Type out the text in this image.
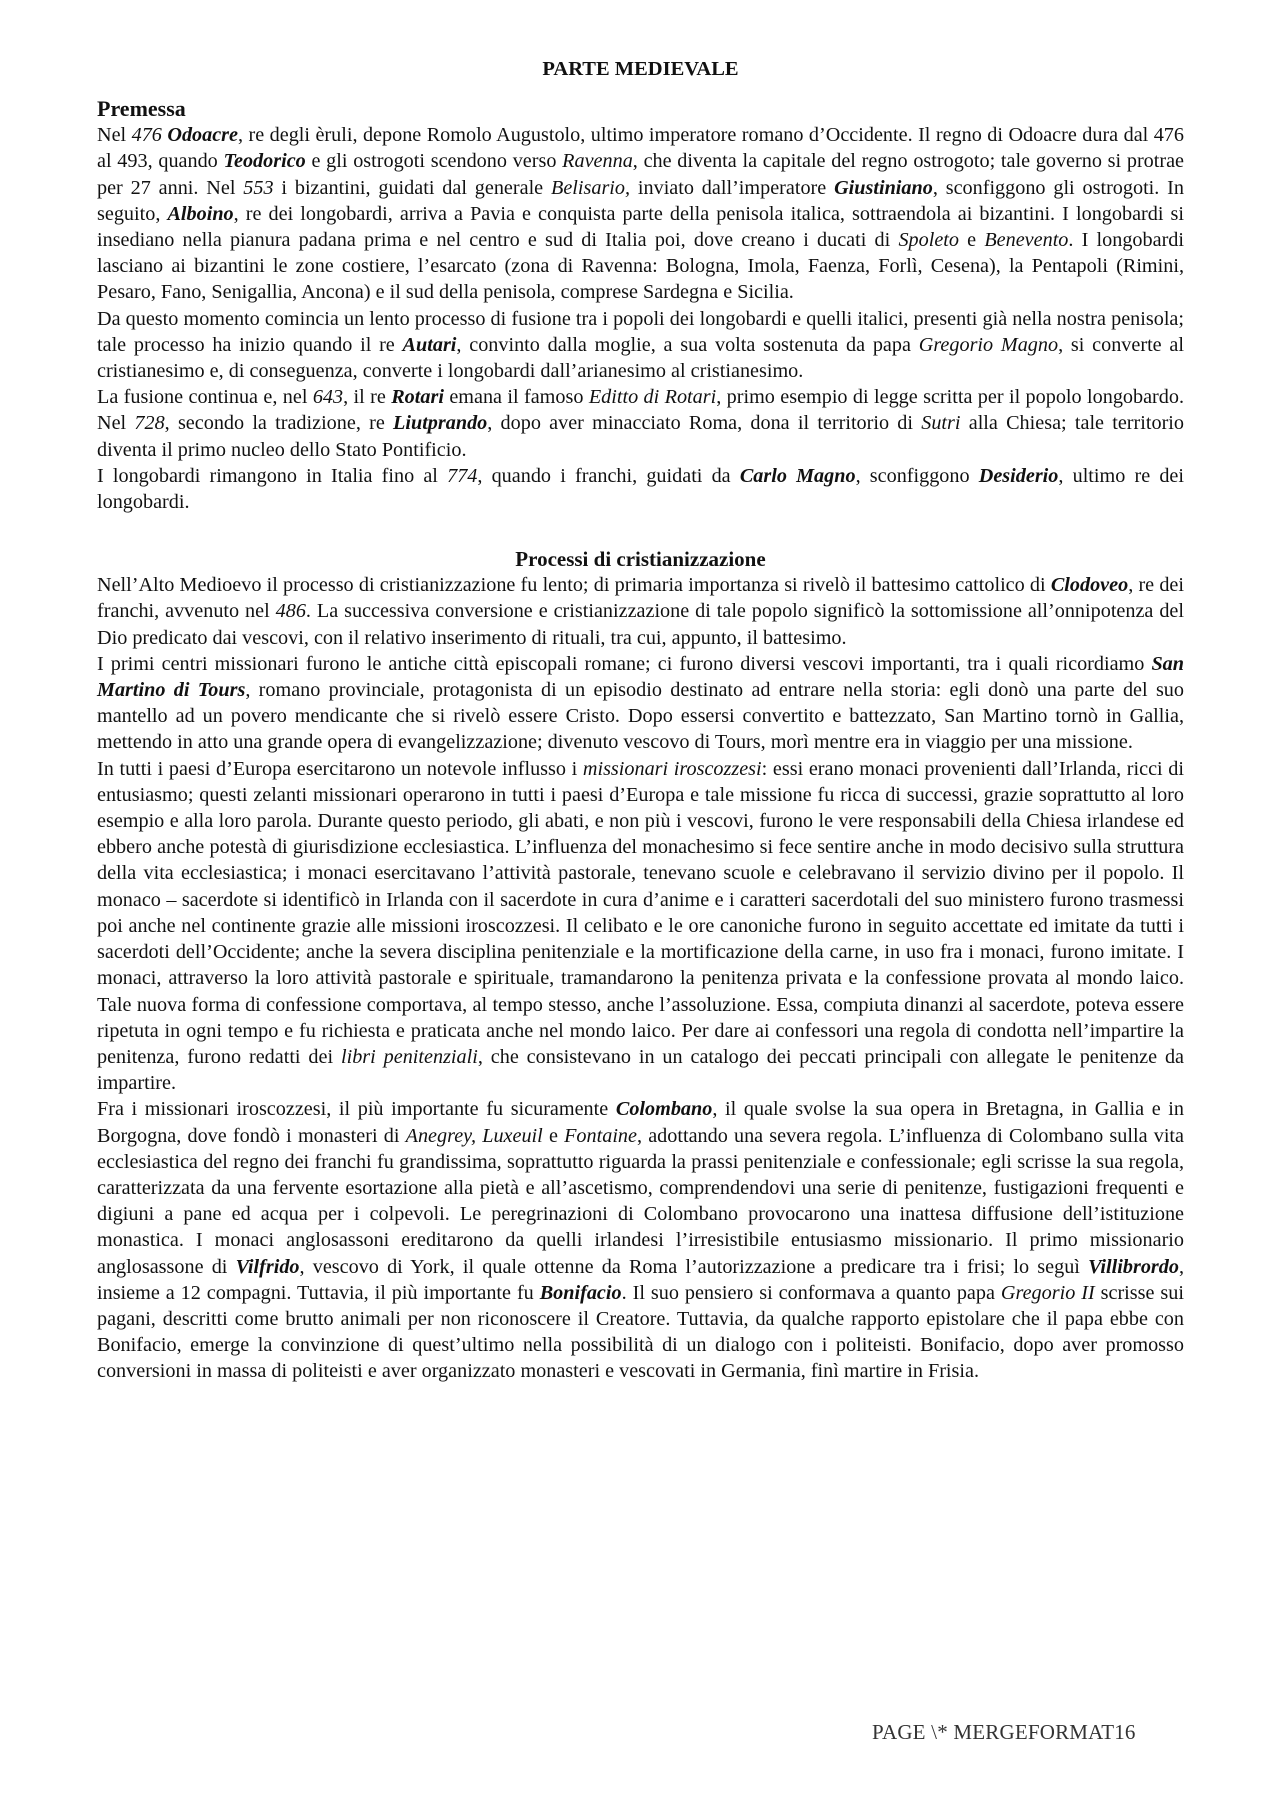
PARTE MEDIEVALE
Premessa

Nel 476 Odoacre, re degli èruli, depone Romolo Augustolo, ultimo imperatore romano d’Occidente. Il regno di Odoacre dura dal 476 al 493, quando Teodorico e gli ostrogoti scendono verso Ravenna, che diventa la capitale del regno ostrogoto; tale governo si protrae per 27 anni. Nel 553 i bizantini, guidati dal generale Belisario, inviato dall’imperatore Giustiniano, sconfiggono gli ostrogoti. In seguito, Alboino, re dei longobardi, arriva a Pavia e conquista parte della penisola italica, sottraendola ai bizantini. I longobardi si insediano nella pianura padana prima e nel centro e sud di Italia poi, dove creano i ducati di Spoleto e Benevento. I longobardi lasciano ai bizantini le zone costiere, l’esarcato (zona di Ravenna: Bologna, Imola, Faenza, Forlì, Cesena), la Pentapoli (Rimini, Pesaro, Fano, Senigallia, Ancona) e il sud della penisola, comprese Sardegna e Sicilia.

Da questo momento comincia un lento processo di fusione tra i popoli dei longobardi e quelli italici, presenti già nella nostra penisola; tale processo ha inizio quando il re Autari, convinto dalla moglie, a sua volta sostenuta da papa Gregorio Magno, si converte al cristianesimo e, di conseguenza, converte i longobardi dall’arianesimo al cristianesimo.

La fusione continua e, nel 643, il re Rotari emana il famoso Editto di Rotari, primo esempio di legge scritta per il popolo longobardo. Nel 728, secondo la tradizione, re Liutprando, dopo aver minacciato Roma, dona il territorio di Sutri alla Chiesa; tale territorio diventa il primo nucleo dello Stato Pontificio.

I longobardi rimangono in Italia fino al 774, quando i franchi, guidati da Carlo Magno, sconfiggono Desiderio, ultimo re dei longobardi.

Processi di cristianizzazione

Nell’Alto Medioevo il processo di cristianizzazione fu lento; di primaria importanza si rivelò il battesimo cattolico di Clodoveo, re dei franchi, avvenuto nel 486. La successiva conversione e cristianizzazione di tale popolo significò la sottomissione all’onnipotenza del Dio predicato dai vescovi, con il relativo inserimento di rituali, tra cui, appunto, il battesimo.

I primi centri missionari furono le antiche città episcopali romane; ci furono diversi vescovi importanti, tra i quali ricordiamo San Martino di Tours, romano provinciale, protagonista di un episodio destinato ad entrare nella storia: egli donò una parte del suo mantello ad un povero mendicante che si rivelò essere Cristo. Dopo essersi convertito e battezzato, San Martino tornò in Gallia, mettendo in atto una grande opera di evangelizzazione; divenuto vescovo di Tours, morì mentre era in viaggio per una missione.

In tutti i paesi d’Europa esercitarono un notevole influsso i missionari iroscozzesi: essi erano monaci provenienti dall’Irlanda, ricci di entusiasmo; questi zelanti missionari operarono in tutti i paesi d’Europa e tale missione fu ricca di successi, grazie soprattutto al loro esempio e alla loro parola. Durante questo periodo, gli abati, e non più i vescovi, furono le vere responsabili della Chiesa irlandese ed ebbero anche potestà di giurisdizione ecclesiastica. L’influenza del monachesimo si fece sentire anche in modo decisivo sulla struttura della vita ecclesiastica; i monaci esercitavano l’attività pastorale, tenevano scuole e celebravano il servizio divino per il popolo. Il monaco – sacerdote si identificò in Irlanda con il sacerdote in cura d’anime e i caratteri sacerdotali del suo ministero furono trasmessi poi anche nel continente grazie alle missioni iroscozzesi. Il celibato e le ore canoniche furono in seguito accettate ed imitate da tutti i sacerdoti dell’Occidente; anche la severa disciplina penitenziale e la mortificazione della carne, in uso fra i monaci, furono imitate. I monaci, attraverso la loro attività pastorale e spirituale, tramandarono la penitenza privata e la confessione provata al mondo laico. Tale nuova forma di confessione comportava, al tempo stesso, anche l’assoluzione. Essa, compiuta dinanzi al sacerdote, poteva essere ripetuta in ogni tempo e fu richiesta e praticata anche nel mondo laico. Per dare ai confessori una regola di condotta nell’impartire la penitenza, furono redatti dei libri penitenziali, che consistevano in un catalogo dei peccati principali con allegate le penitenze da impartire.

Fra i missionari iroscozzesi, il più importante fu sicuramente Colombano, il quale svolse la sua opera in Bretagna, in Gallia e in Borgogna, dove fondò i monasteri di Anegrey, Luxeuil e Fontaine, adottando una severa regola. L’influenza di Colombano sulla vita ecclesiastica del regno dei franchi fu grandissima, soprattutto riguarda la prassi penitenziale e confessionale; egli scrisse la sua regola, caratterizzata da una fervente esortazione alla pietà e all’ascetismo, comprendendovi una serie di penitenze, fustigazioni frequenti e digiuni a pane ed acqua per i colpevoli. Le peregrinazioni di Colombano provocarono una inattesa diffusione dell’istituzione monastica. I monaci anglosassoni ereditarono da quelli irlandesi l’irresistibile entusiasmo missionario. Il primo missionario anglosassone di Vilfrido, vescovo di York, il quale ottenne da Roma l’autorizzazione a predicare tra i frisi; lo seguì Villibrordo, insieme a 12 compagni. Tuttavia, il più importante fu Bonifacio. Il suo pensiero si conformava a quanto papa Gregorio II scrisse sui pagani, descritti come brutto animali per non riconoscere il Creatore. Tuttavia, da qualche rapporto epistolare che il papa ebbe con Bonifacio, emerge la convinzione di quest’ultimo nella possibilità di un dialogo con i politeisti. Bonifacio, dopo aver promosso conversioni in massa di politeisti e aver organizzato monasteri e vescovati in Germania, finì martire in Frisia.

PAGE \* MERGEFORMAT16
